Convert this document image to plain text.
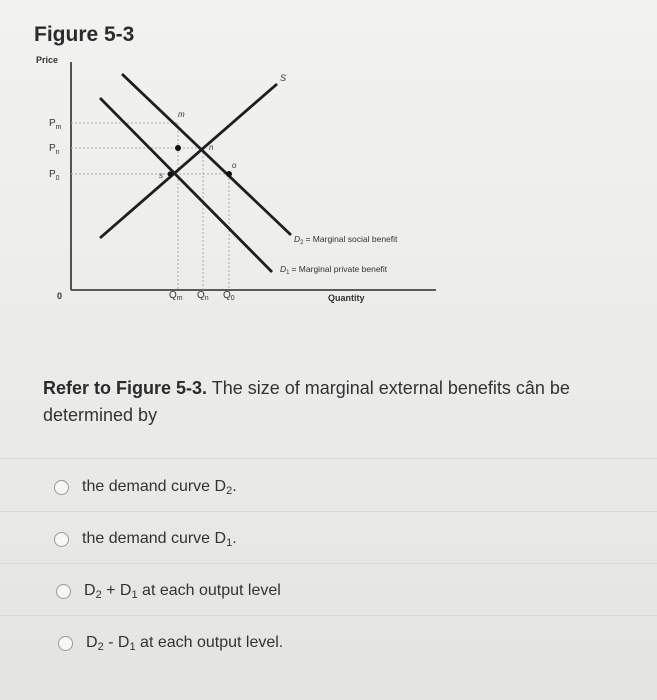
Figure 5-3
Price
0	Quantity
S
m
n
o
s
$P_m$
$P_n$
$P_0$
$Q_m$ $Q_n$ $Q_0$
$D_2$ = Marginal social benefit
$D_1$ = Marginal private benefit
Refer to Figure 5-3. The size of marginal external benefits cân be determined by
the demand curve $D_2$.
the demand curve $D_1$.
$D_2 + D_1$ at each output level
$D_2 - D_1$ at each output level.
